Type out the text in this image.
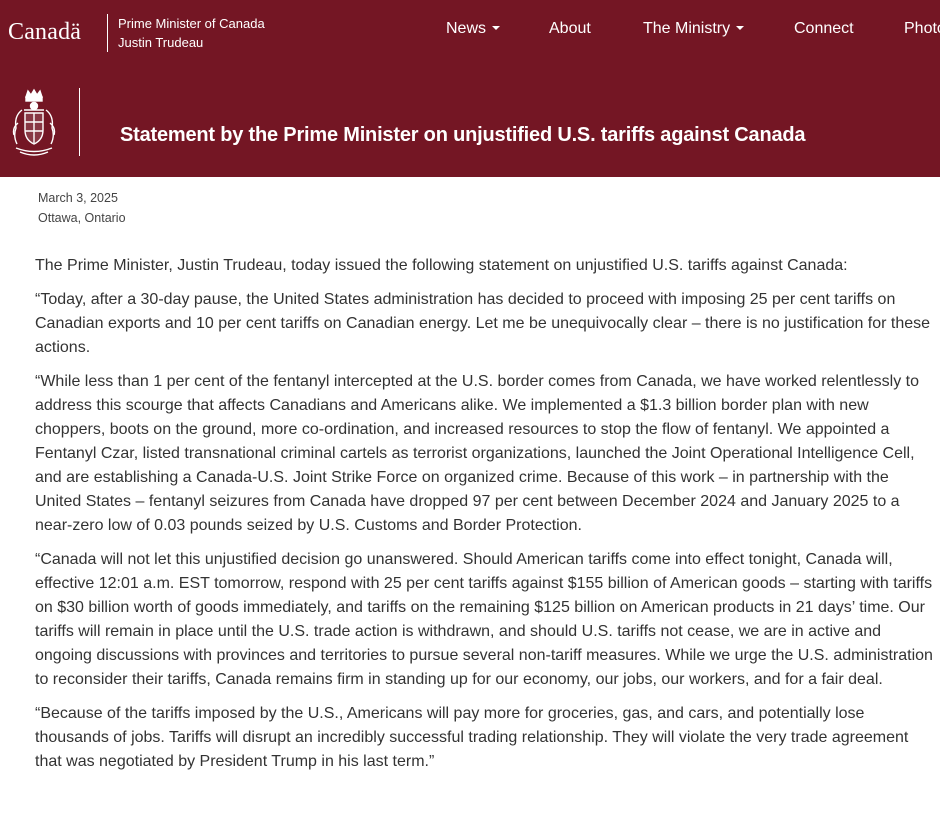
Canadä	Prime Minister of Canada
Justin Trudeau
News	About	The Ministry	Connect	Photo
Statement by the Prime Minister on unjustified U.S. tariffs against Canada
March 3, 2025
Ottawa, Ontario

The Prime Minister, Justin Trudeau, today issued the following statement on unjustified U.S. tariffs against Canada:

“Today, after a 30-day pause, the United States administration has decided to proceed with imposing 25 per cent tariffs on Canadian exports and 10 per cent tariffs on Canadian energy. Let me be unequivocally clear – there is no justification for these actions.

“While less than 1 per cent of the fentanyl intercepted at the U.S. border comes from Canada, we have worked relentlessly to address this scourge that affects Canadians and Americans alike. We implemented a $1.3 billion border plan with new choppers, boots on the ground, more co-ordination, and increased resources to stop the flow of fentanyl. We appointed a Fentanyl Czar, listed transnational criminal cartels as terrorist organizations, launched the Joint Operational Intelligence Cell, and are establishing a Canada-U.S. Joint Strike Force on organized crime. Because of this work – in partnership with the United States – fentanyl seizures from Canada have dropped 97 per cent between December 2024 and January 2025 to a near-zero low of 0.03 pounds seized by U.S. Customs and Border Protection.

“Canada will not let this unjustified decision go unanswered. Should American tariffs come into effect tonight, Canada will, effective 12:01 a.m. EST tomorrow, respond with 25 per cent tariffs against $155 billion of American goods – starting with tariffs on $30 billion worth of goods immediately, and tariffs on the remaining $125 billion on American products in 21 days’ time. Our tariffs will remain in place until the U.S. trade action is withdrawn, and should U.S. tariffs not cease, we are in active and ongoing discussions with provinces and territories to pursue several non-tariff measures. While we urge the U.S. administration to reconsider their tariffs, Canada remains firm in standing up for our economy, our jobs, our workers, and for a fair deal.

“Because of the tariffs imposed by the U.S., Americans will pay more for groceries, gas, and cars, and potentially lose thousands of jobs. Tariffs will disrupt an incredibly successful trading relationship. They will violate the very trade agreement that was negotiated by President Trump in his last term.”
